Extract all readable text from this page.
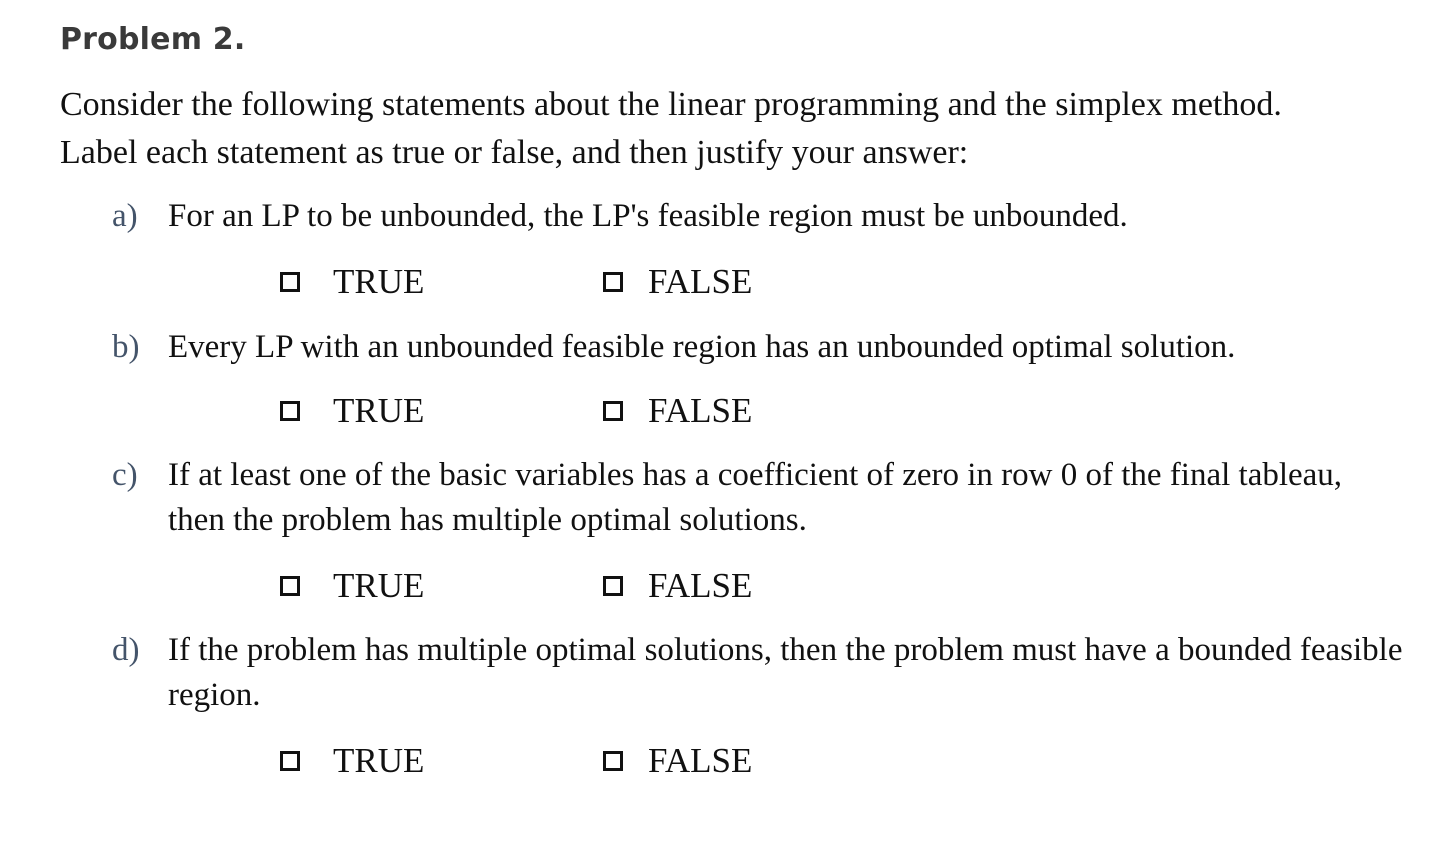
Problem 2.
Consider the following statements about the linear programming and the simplex method.
Label each statement as true or false, and then justify your answer:
a) For an LP to be unbounded, the LP's feasible region must be unbounded.
TRUE	FALSE
b) Every LP with an unbounded feasible region has an unbounded optimal solution.
TRUE	FALSE
c) If at least one of the basic variables has a coefficient of zero in row 0 of the final tableau,
then the problem has multiple optimal solutions.
TRUE	FALSE
d) If the problem has multiple optimal solutions, then the problem must have a bounded feasible
region.
TRUE	FALSE
